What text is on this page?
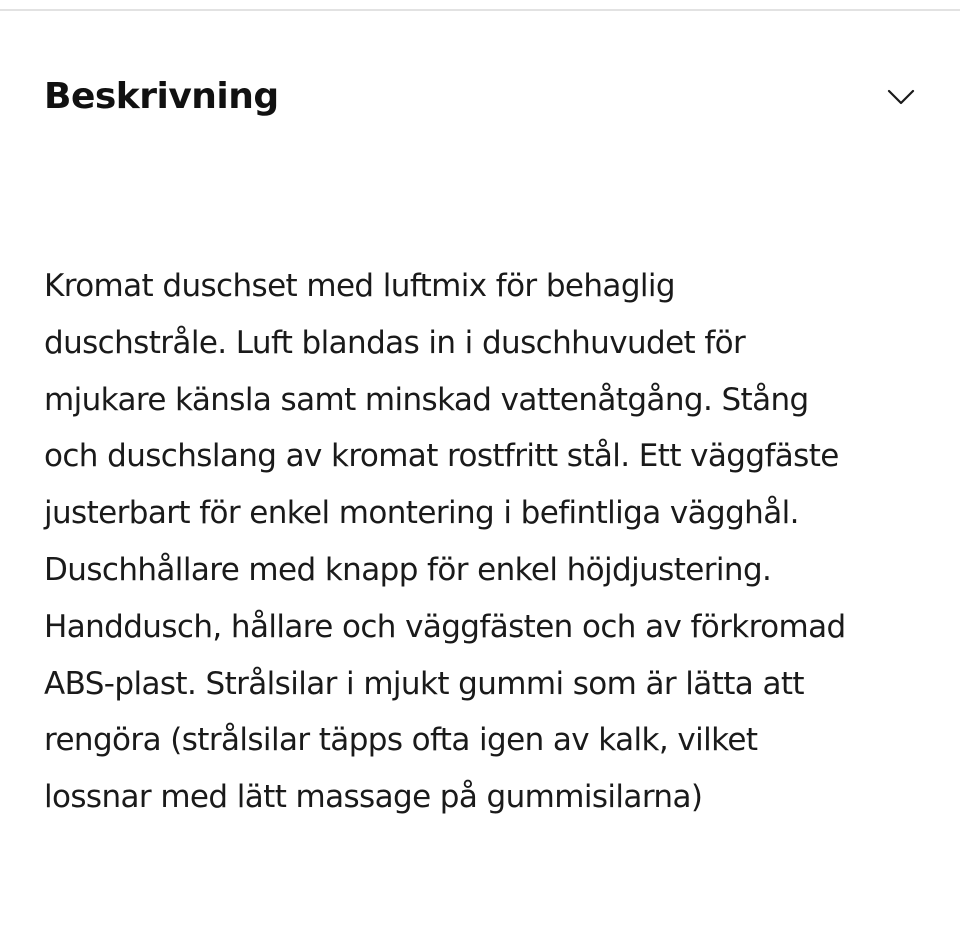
Beskrivning
Kromat duschset med luftmix för behaglig
duschstråle. Luft blandas in i duschhuvudet för
mjukare känsla samt minskad vattenåtgång. Stång
och duschslang av kromat rostfritt stål. Ett väggfäste
justerbart för enkel montering i befintliga vägghål.
Duschhållare med knapp för enkel höjdjustering.
Handdusch, hållare och väggfästen och av förkromad
ABS-plast. Strålsilar i mjukt gummi som är lätta att
rengöra (strålsilar täpps ofta igen av kalk, vilket
lossnar med lätt massage på gummisilarna)
